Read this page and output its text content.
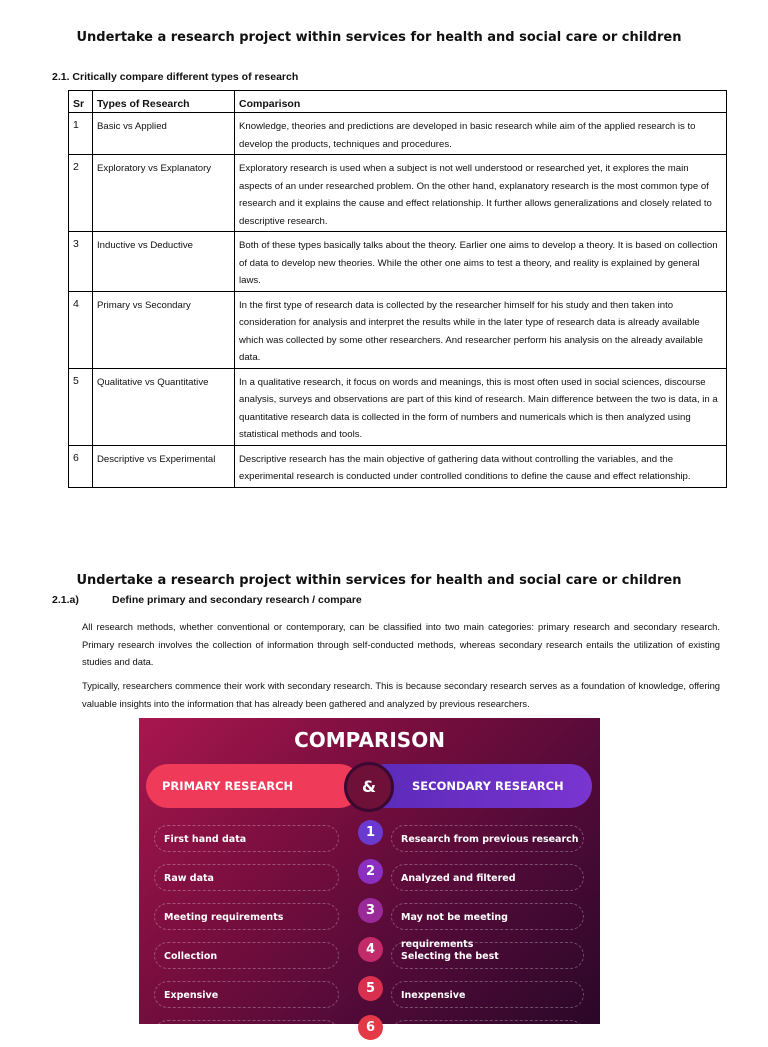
Undertake a research project within services for health and social care or children
2.1. Critically compare different types of research
Sr	Types of Research	Comparison
1	Basic vs Applied	Knowledge, theories and predictions are developed in basic research while aim of the applied research is to develop the products, techniques and procedures.
2	Exploratory vs Explanatory	Exploratory research is used when a subject is not well understood or researched yet, it explores the main aspects of an under researched problem. On the other hand, explanatory research is the most common type of research and it explains the cause and effect relationship. It further allows generalizations and closely related to descriptive research.
3	Inductive vs Deductive	Both of these types basically talks about the theory. Earlier one aims to develop a theory. It is based on collection of data to develop new theories. While the other one aims to test a theory, and reality is explained by general laws.
4	Primary vs Secondary	In the first type of research data is collected by the researcher himself for his study and then taken into consideration for analysis and interpret the results while in the later type of research data is already available which was collected by some other researchers. And researcher perform his analysis on the already available data.
5	Qualitative vs Quantitative	In a qualitative research, it focus on words and meanings, this is most often used in social sciences, discourse analysis, surveys and observations are part of this kind of research. Main difference between the two is data, in a quantitative research data is collected in the form of numbers and numericals which is then analyzed using statistical methods and tools.
6	Descriptive vs Experimental	Descriptive research has the main objective of gathering data without controlling the variables, and the experimental research is conducted under controlled conditions to define the cause and effect relationship.
Undertake a research project within services for health and social care or children
2.1.a)	Define primary and secondary research / compare
All research methods, whether conventional or contemporary, can be classified into two main categories: primary research and secondary research. Primary research involves the collection of information through self-conducted methods, whereas secondary research entails the utilization of existing studies and data.
Typically, researchers commence their work with secondary research. This is because secondary research serves as a foundation of knowledge, offering valuable insights into the information that has already been gathered and analyzed by previous researchers.
COMPARISON
PRIMARY RESEARCH	SECONDARY RESEARCH
&
First hand data	1	Research from previous research
Raw data	2	Analyzed and filtered
Meeting requirements	3	May not be meeting requirements
Collection	4	Selecting the best
Expensive	5	Inexpensive
6
